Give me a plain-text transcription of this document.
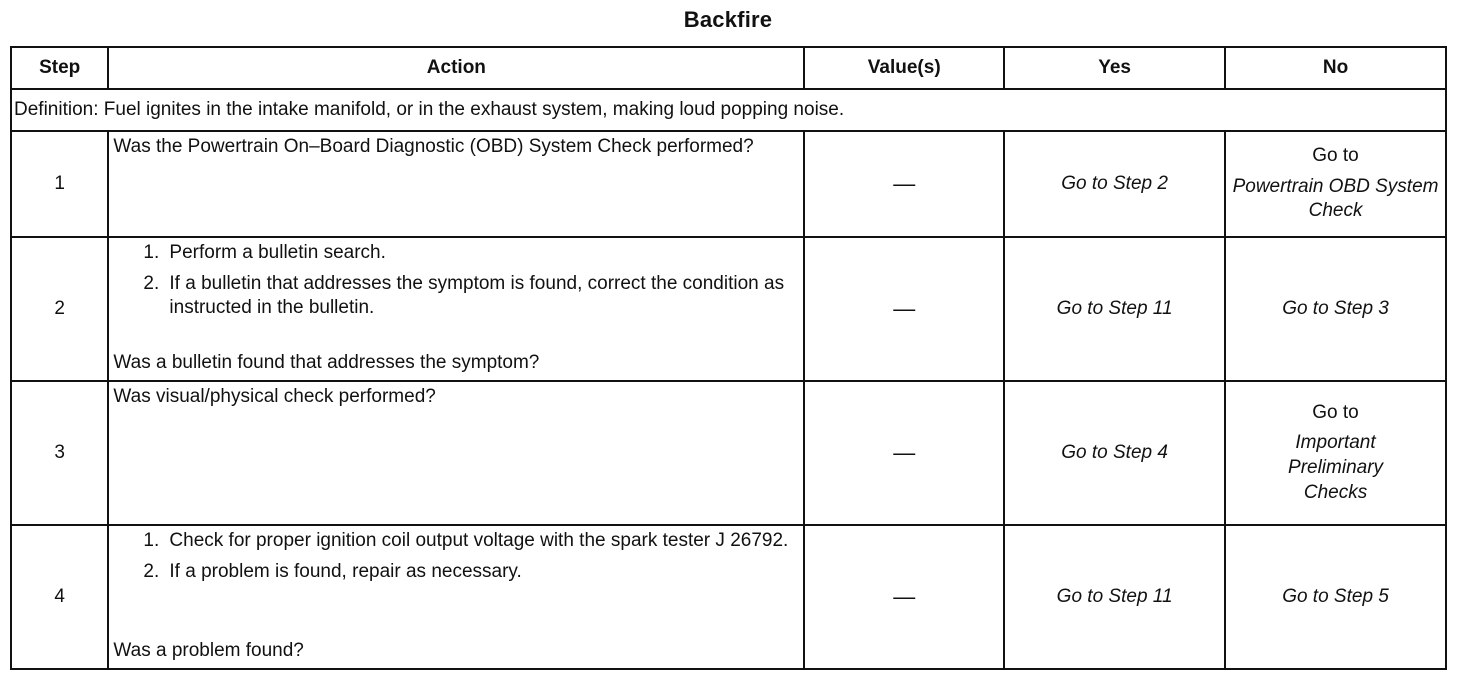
Backfire
Step	Action	Value(s)	Yes	No
Definition: Fuel ignites in the intake manifold, or in the exhaust system, making loud popping noise.				
1	Was the Powertrain On–Board Diagnostic (OBD) System Check performed?	—	Go to Step 2	Go to
Powertrain OBD System Check

2	1. Perform a bulletin search.
2. If a bulletin that addresses the symptom is found, correct the condition as instructed in the bulletin.
Was a bulletin found that addresses the symptom?	—	Go to Step 11	Go to Step 3
3	Was visual/physical check performed?	—	Go to Step 4	Go to
Important Preliminary Checks

4	1. Check for proper ignition coil output voltage with the spark tester J 26792.
2. If a problem is found, repair as necessary.
Was a problem found?	—	Go to Step 11	Go to Step 5
